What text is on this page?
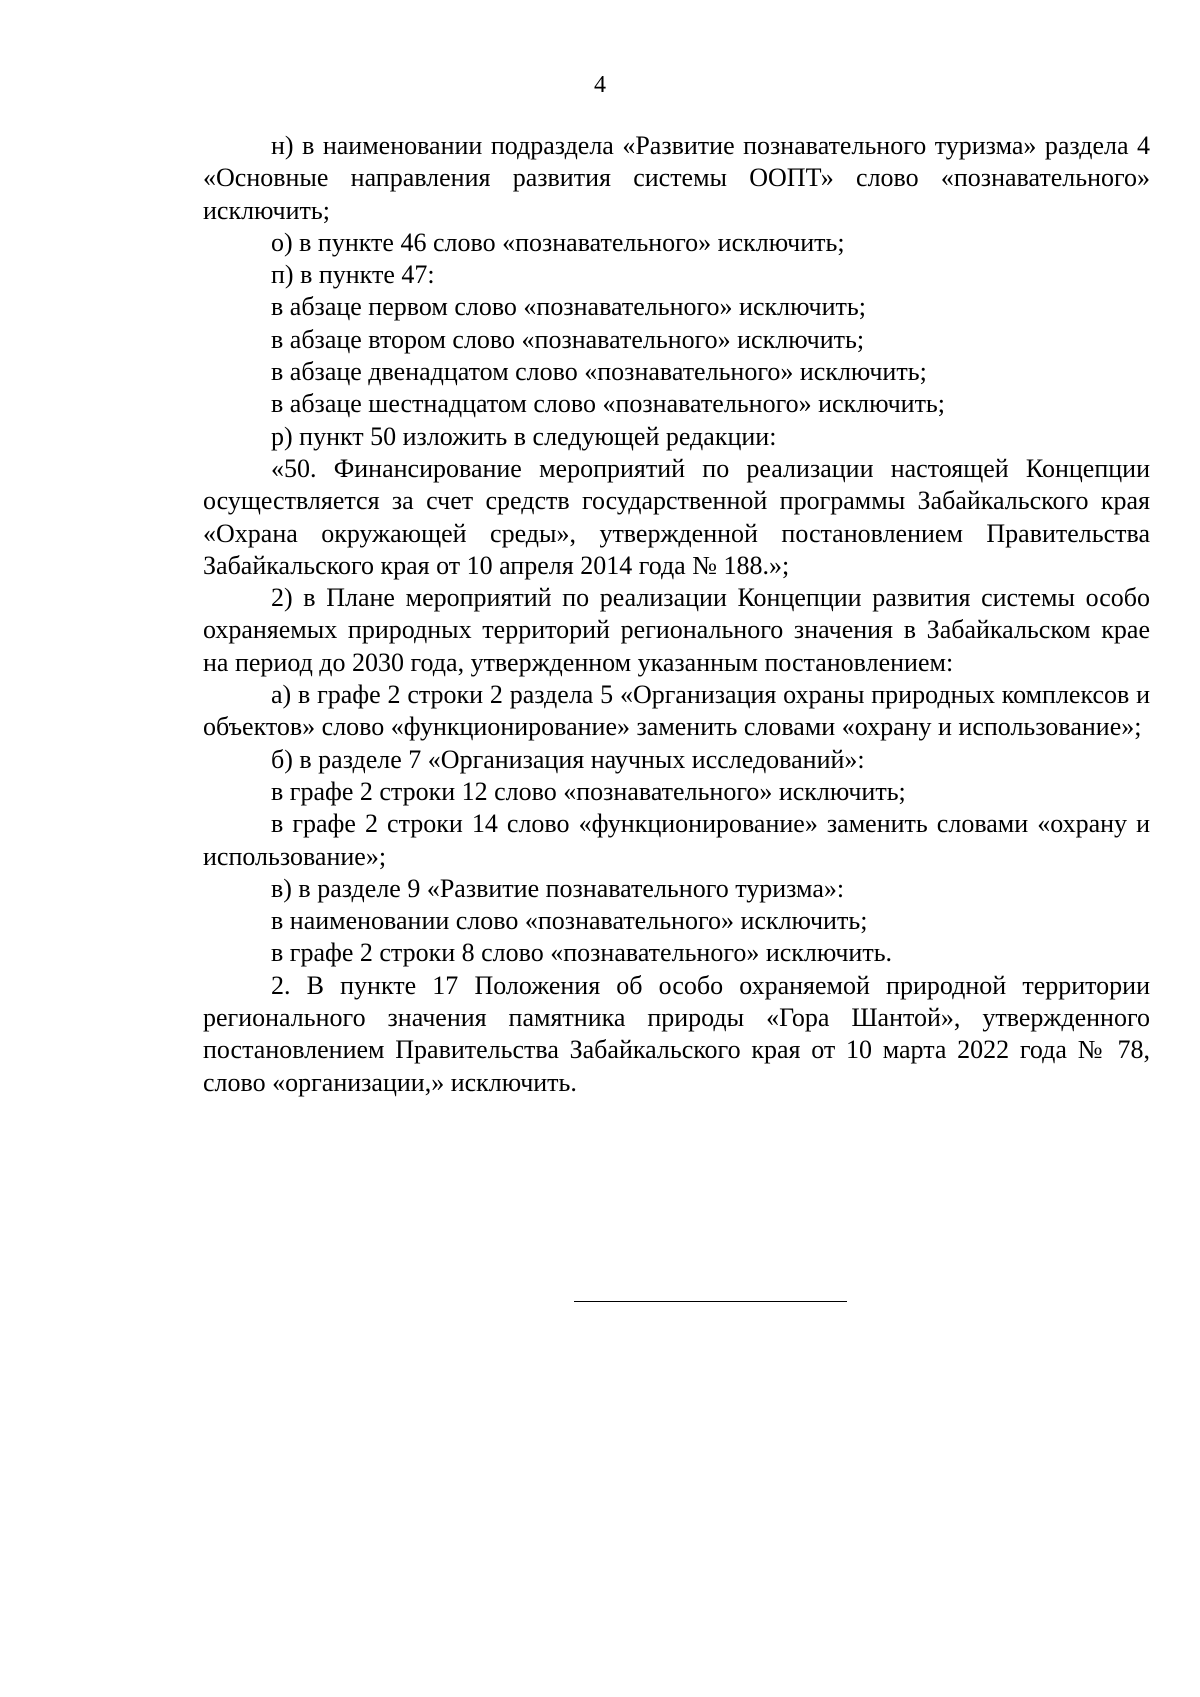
4

н) в наименовании подраздела «Развитие познавательного туризма» раздела 4 «Основные направления развития системы ООПТ» слово «познавательного» исключить;

о) в пункте 46 слово «познавательного» исключить;

п) в пункте 47:

в абзаце первом слово «познавательного» исключить;

в абзаце втором слово «познавательного» исключить;

в абзаце двенадцатом слово «познавательного» исключить;

в абзаце шестнадцатом слово «познавательного» исключить;

р) пункт 50 изложить в следующей редакции:

«50. Финансирование мероприятий по реализации настоящей Концепции осуществляется за счет средств государственной программы Забайкальского края «Охрана окружающей среды», утвержденной постановлением Правительства Забайкальского края от 10 апреля 2014 года № 188.»;

2) в Плане мероприятий по реализации Концепции развития системы особо охраняемых природных территорий регионального значения в Забайкальском крае на период до 2030 года, утвержденном указанным постановлением:

а) в графе 2 строки 2 раздела 5 «Организация охраны природных комплексов и объектов» слово «функционирование» заменить словами «охрану и использование»;

б) в разделе 7 «Организация научных исследований»:

в графе 2 строки 12 слово «познавательного» исключить;

в графе 2 строки 14 слово «функционирование» заменить словами «охрану и использование»;

в) в разделе 9 «Развитие познавательного туризма»:

в наименовании слово «познавательного» исключить;

в графе 2 строки 8 слово «познавательного» исключить.

2. В пункте 17 Положения об особо охраняемой природной территории регионального значения памятника природы «Гора Шантой», утвержденного постановлением Правительства Забайкальского края от 10 марта 2022 года № 78, слово «организации,» исключить.
